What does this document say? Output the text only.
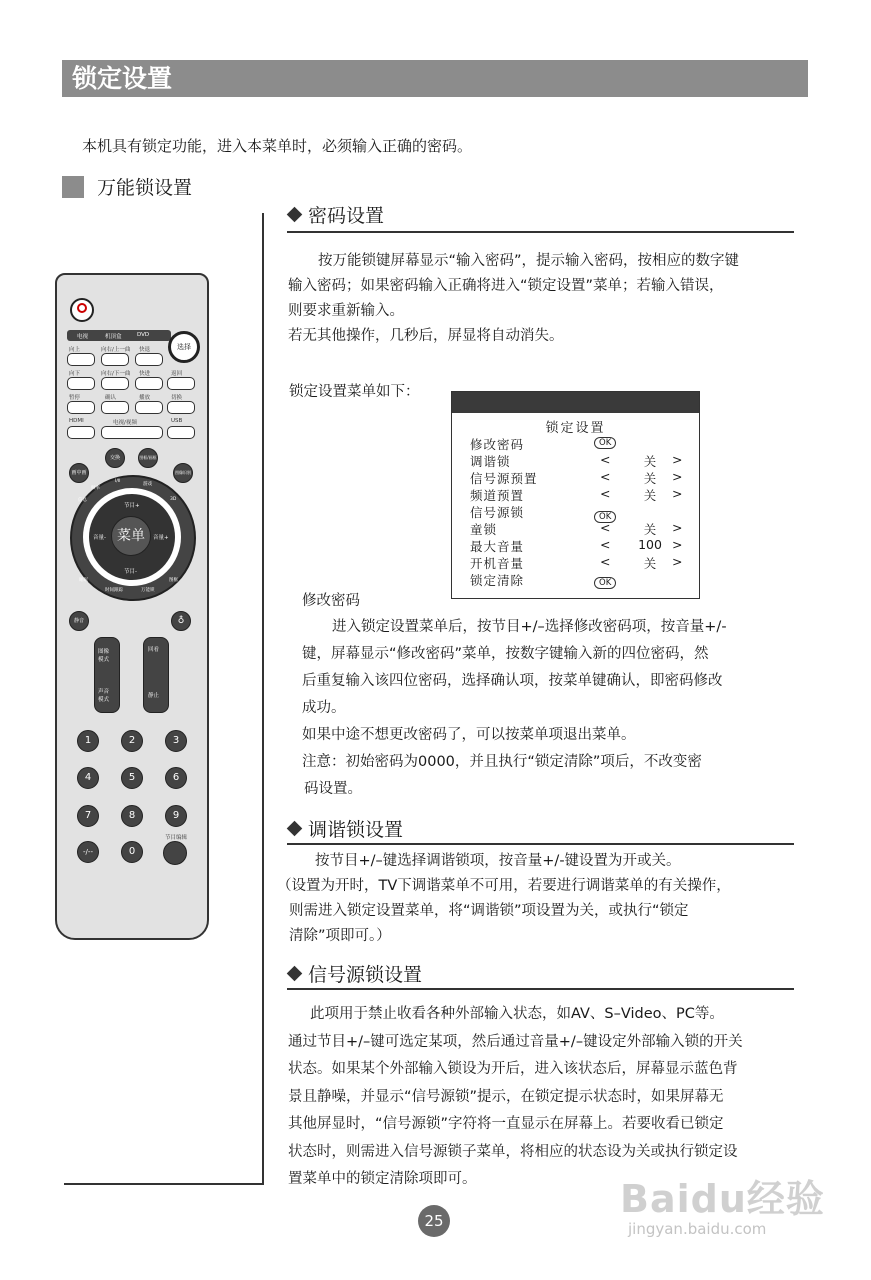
锁定设置
本机具有锁定功能，进入本菜单时，必须输入正确的密码。
万能锁设置
密码设置

按万能锁键屏幕显示“输入密码”，提示输入密码，按相应的数字键

输入密码；如果密码输入正确将进入“锁定设置”菜单；若输入错误，

则要求重新输入。

若无其他操作，几秒后，屏显将自动消失。

锁定设置菜单如下：
锁定设置
修改密码	OK
调谐锁	<	关	>
信号源预置	<	关	>
频道预置	<	关	>
信号源锁	OK
童锁	<	关	>
最大音量	<	100 >
开机音量	<	关	>
锁定清除	OK
修改密码

进入锁定设置菜单后，按节目+/–选择修改密码项，按音量+/-

键，屏幕显示“修改密码”菜单，按数字键输入新的四位密码，然

后重复输入该四位密码，选择确认项，按菜单键确认，即密码修改

成功。

如果中途不想更改密码了，可以按菜单项退出菜单。

注意：初始密码为0000，并且执行“锁定清除”项后，不改变密

码设置。

调谐锁设置

按节目+/–键选择调谐锁项，按音量+/-键设置为开或关。

（设置为开时，TV下调谐菜单不可用，若要进行调谐菜单的有关操作，

则需进入锁定设置菜单，将“调谐锁”项设置为关，或执行“锁定

清除”项即可。）

信号源锁设置

此项用于禁止收看各种外部输入状态，如AV、S–Video、PC等。

通过节目+/–键可选定某项，然后通过音量+/–键设定外部输入锁的开关

状态。如果某个外部输入锁设为开后，进入该状态后，屏幕显示蓝色背

景且静噪，并显示“信号源锁”提示，在锁定提示状态时，如果屏幕无

其他屏显时，“信号源锁”字符将一直显示在屏幕上。若要收看已锁定

状态时，则需进入信号源锁子菜单，将相应的状态设为关或执行锁定设

置菜单中的锁定清除项即可。

电视	机顶盒	DVD
选择
向上	向右/上一曲 快退
向下	向右/下一曲 快进	返回
暂停	确认	播放	切换
HDMI	电视/视频	USB
交换	图框/画框
画中画	图像识别
菜单
节目+
节目-
音量-	音量+
信息
帧率
I/II
游戏
3D
睡眠
时间跟踪	万能锁
图框
静音	♁
图像
模式
声音
模式
回看
静止
1	2	3
4	5	6
7	8	9
-/--	0
节目编辑
25	Baidu经验
jingyan.baidu.com
